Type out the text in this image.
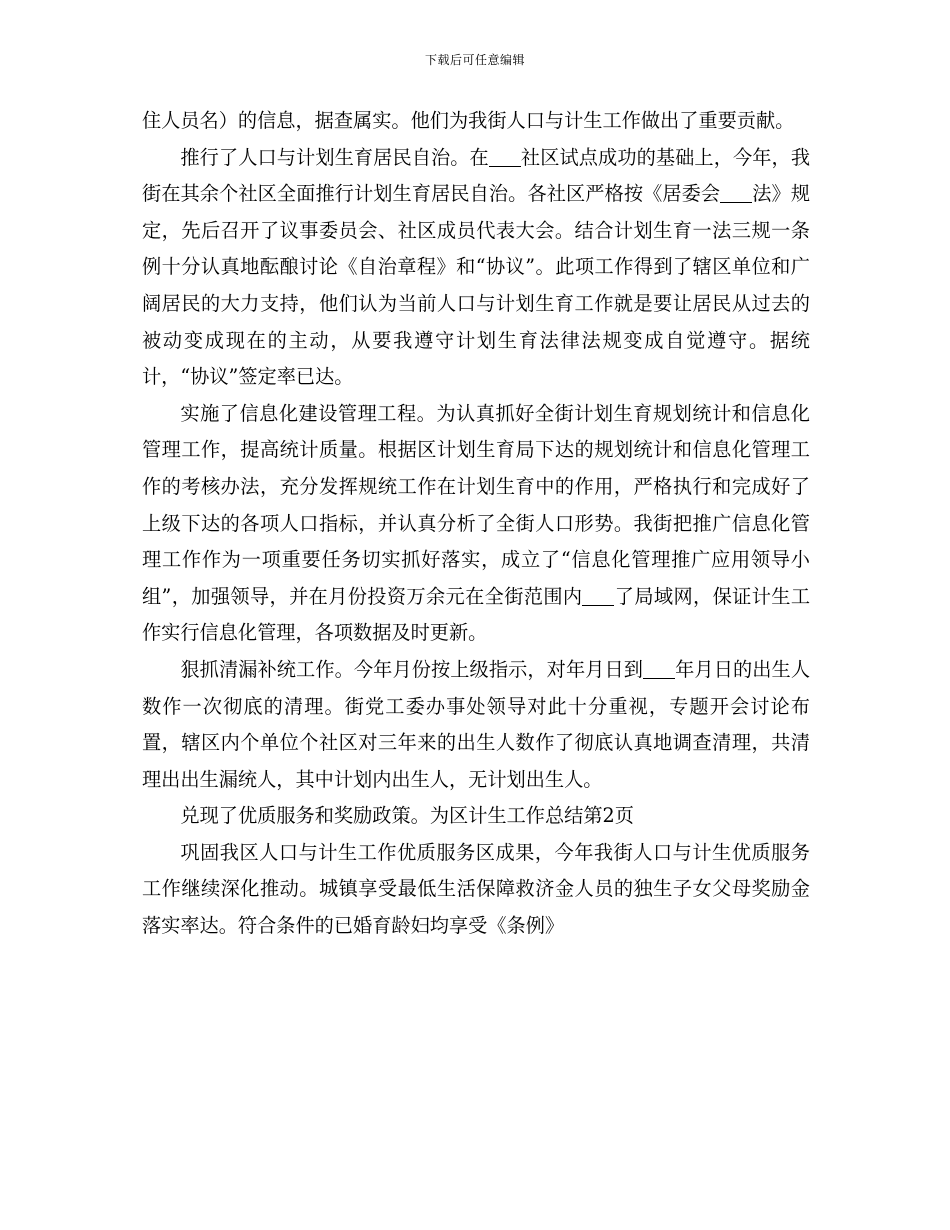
下载后可任意编辑

住人员名）的信息，据查属实。他们为我街人口与计生工作做出了重要贡献。

推行了人口与计划生育居民自治。在 社区试点成功的基础上，今年，我街在其余个社区全面推行计划生育居民自治。各社区严格按《居委会 法》规定，先后召开了议事委员会、社区成员代表大会。结合计划生育一法三规一条例十分认真地酝酿讨论《自治章程》和“协议”。此项工作得到了辖区单位和广阔居民的大力支持，他们认为当前人口与计划生育工作就是要让居民从过去的被动变成现在的主动，从要我遵守计划生育法律法规变成自觉遵守。据统计，“协议”签定率已达。

实施了信息化建设管理工程。为认真抓好全街计划生育规划统计和信息化管理工作，提高统计质量。根据区计划生育局下达的规划统计和信息化管理工作的考核办法，充分发挥规统工作在计划生育中的作用，严格执行和完成好了上级下达的各项人口指标，并认真分析了全街人口形势。我街把推广信息化管理工作作为一项重要任务切实抓好落实，成立了“信息化管理推广应用领导小组”，加强领导，并在月份投资万余元在全街范围内 了局域网，保证计生工作实行信息化管理，各项数据及时更新。

狠抓清漏补统工作。今年月份按上级指示，对年月日到 年月日的出生人数作一次彻底的清理。街党工委办事处领导对此十分重视，专题开会讨论布置，辖区内个单位个社区对三年来的出生人数作了彻底认真地调查清理，共清理出出生漏统人，其中计划内出生人，无计划出生人。

兑现了优质服务和奖励政策。为区计生工作总结第2页

巩固我区人口与计生工作优质服务区成果，今年我街人口与计生优质服务工作继续深化推动。城镇享受最低生活保障救济金人员的独生子女父母奖励金落实率达。符合条件的已婚育龄妇均享受《条例》
